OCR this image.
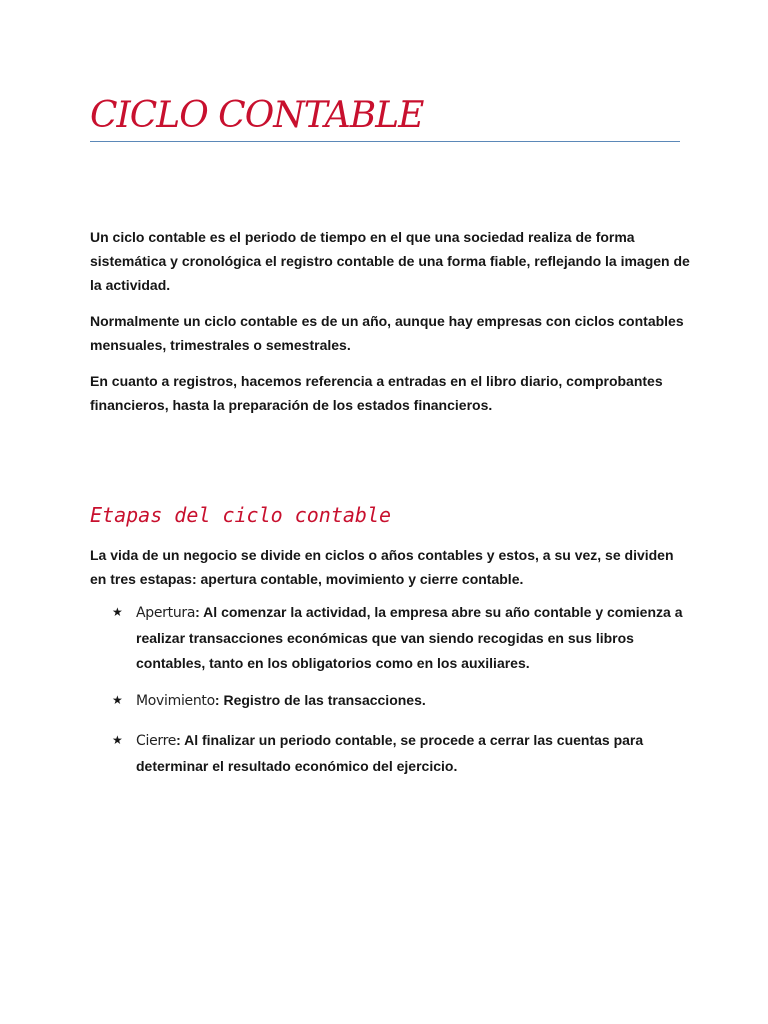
CICLO CONTABLE

Un ciclo contable es el periodo de tiempo en el que una sociedad realiza de forma sistemática y cronológica el registro contable de una forma fiable, reflejando la imagen de la actividad.

Normalmente un ciclo contable es de un año, aunque hay empresas con ciclos contables mensuales, trimestrales o semestrales.

En cuanto a registros, hacemos referencia a entradas en el libro diario, comprobantes financieros, hasta la preparación de los estados financieros.

Etapas del ciclo contable

La vida de un negocio se divide en ciclos o años contables y estos, a su vez, se dividen en tres estapas: apertura contable, movimiento y cierre contable.

★ Apertura: Al comenzar la actividad, la empresa abre su año contable y comienza a realizar transacciones económicas que van siendo recogidas en sus libros contables, tanto en los obligatorios como en los auxiliares.
★ Movimiento: Registro de las transacciones.
★ Cierre: Al finalizar un periodo contable, se procede a cerrar las cuentas para determinar el resultado económico del ejercicio.
